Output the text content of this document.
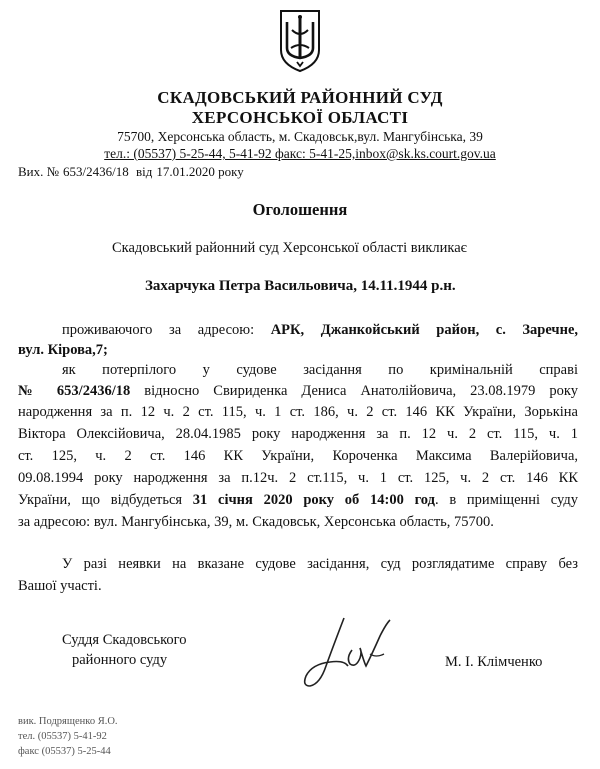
СКАДОВСЬКИЙ РАЙОННИЙ СУД
ХЕРСОНСЬКОЇ ОБЛАСТІ
75700, Херсонська область, м. Скадовськ,вул. Мангубінська, 39
тел.: (05537) 5-25-44, 5-41-92 факс: 5-41-25,inbox@sk.ks.court.gov.ua
Вих. № 653/2436/18 від 17.01.2020 року
Оголошення
Скадовський районний суд Херсонської області викликає
Захарчука Петра Васильовича, 14.11.1944 р.н.
проживаючого за адресою: АРК, Джанкойський район, с. Заречне,
вул. Кірова,7;
як потерпілого у судове засідання по кримінальній справі
№ 653/2436/18 відносно Свириденка Дениса Анатолійовича, 23.08.1979 року
народження за п. 12 ч. 2 ст. 115, ч. 1 ст. 186, ч. 2 ст. 146 КК України, Зорькіна
Віктора Олексійовича, 28.04.1985 року народження за п. 12 ч. 2 ст. 115, ч. 1
ст. 125, ч. 2 ст. 146 КК України, Короченка Максима Валерійовича,
09.08.1994 року народження за п.12ч. 2 ст.115, ч. 1 ст. 125, ч. 2 ст. 146 КК
України, що відбудеться 31 січня 2020 року об 14:00 год. в приміщенні суду
за адресою: вул. Мангубінська, 39, м. Скадовськ, Херсонська область, 75700.
У разі неявки на вказане судове засідання, суд розглядатиме справу без
Вашої участі.
Суддя Скадовського
районного суду	М. І. Клімченко
вик. Подрященко Я.О.
тел. (05537) 5-41-92
факс (05537) 5-25-44
